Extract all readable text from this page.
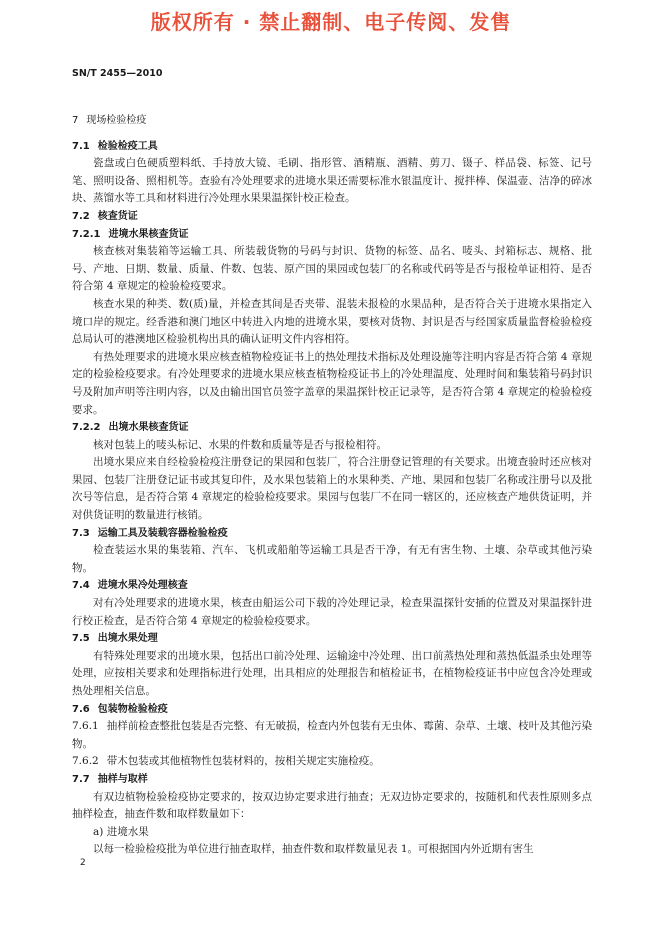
版权所有 · 禁止翻制、电子传阅、发售
SN/T 2455—2010
7 现场检验检疫
7.1 检验检疫工具

瓷盘或白色硬质塑料纸、手持放大镜、毛刷、指形管、酒精瓶、酒精、剪刀、镊子、样品袋、标签、记号笔、照明设备、照相机等。查验有冷处理要求的进境水果还需要标准水银温度计、搅拌棒、保温壶、洁净的碎冰块、蒸馏水等工具和材料进行冷处理水果果温探针校正检查。

7.2 核查货证
7.2.1 进境水果核查货证

核查核对集装箱等运输工具、所装载货物的号码与封识、货物的标签、品名、唛头、封箱标志、规格、批号、产地、日期、数量、质量、件数、包装、原产国的果园或包装厂的名称或代码等是否与报检单证相符、是否符合第 4 章规定的检验检疫要求。

核查水果的种类、数(质)量，并检查其间是否夹带、混装未报检的水果品种，是否符合关于进境水果指定入境口岸的规定。经香港和澳门地区中转进入内地的进境水果，要核对货物、封识是否与经国家质量监督检验检疫总局认可的港澳地区检验机构出具的确认证明文件内容相符。

有热处理要求的进境水果应核查植物检疫证书上的热处理技术指标及处理设施等注明内容是否符合第 4 章规定的检验检疫要求。有冷处理要求的进境水果应核查植物检疫证书上的冷处理温度、处理时间和集装箱号码封识号及附加声明等注明内容，以及由输出国官员签字盖章的果温探针校正记录等，是否符合第 4 章规定的检验检疫要求。

7.2.2 出境水果核查货证

核对包装上的唛头标记、水果的件数和质量等是否与报检相符。

出境水果应来自经检验检疫注册登记的果园和包装厂，符合注册登记管理的有关要求。出境查验时还应核对果园、包装厂注册登记证书或其复印件，及水果包装箱上的水果种类、产地、果园和包装厂名称或注册号以及批次号等信息，是否符合第 4 章规定的检验检疫要求。果园与包装厂不在同一辖区的，还应核查产地供货证明，并对供货证明的数量进行核销。

7.3 运输工具及装载容器检验检疫

检查装运水果的集装箱、汽车、飞机或船舶等运输工具是否干净，有无有害生物、土壤、杂草或其他污染物。

7.4 进境水果冷处理核查

对有冷处理要求的进境水果，核查由船运公司下载的冷处理记录，检查果温探针安插的位置及对果温探针进行校正检查，是否符合第 4 章规定的检验检疫要求。

7.5 出境水果处理

有特殊处理要求的出境水果，包括出口前冷处理、运输途中冷处理、出口前蒸热处理和蒸热低温杀虫处理等处理，应按相关要求和处理指标进行处理，出具相应的处理报告和植检证书，在植物检疫证书中应包含冷处理或热处理相关信息。

7.6 包装物检验检疫

7.6.1 抽样前检查整批包装是否完整、有无破损，检查内外包装有无虫体、霉菌、杂草、土壤、枝叶及其他污染物。

7.6.2 带木包装或其他植物性包装材料的，按相关规定实施检疫。

7.7 抽样与取样

有双边植物检验检疫协定要求的，按双边协定要求进行抽查；无双边协定要求的，按随机和代表性原则多点抽样检查，抽查件数和取样数量如下：

a) 进境水果

以每一检验检疫批为单位进行抽查取样，抽查件数和取样数量见表 1。可根据国内外近期有害生

2
